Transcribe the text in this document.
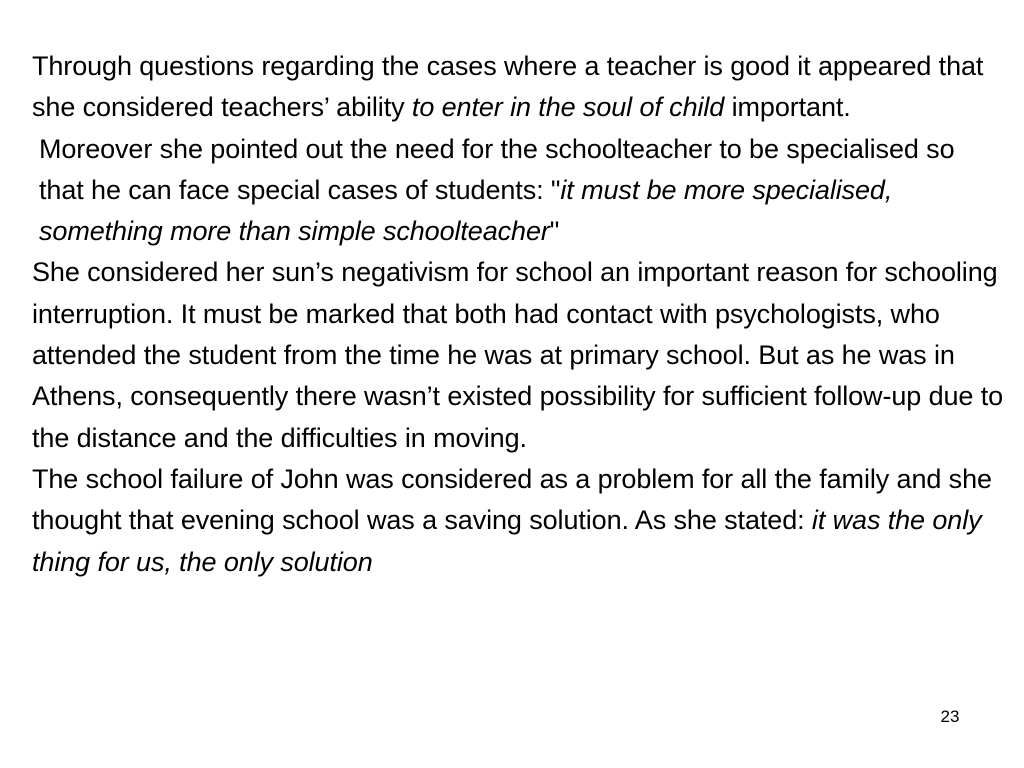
Through questions regarding the cases where a teacher is good it appeared that she considered teachers’ ability to enter in the soul of child important.

Moreover she pointed out the need for the schoolteacher to be specialised so that he can face special cases of students: "it must be more specialised, something more than simple schoolteacher"

She considered her sun’s negativism for school an important reason for schooling interruption. It must be marked that both had contact with psychologists, who attended the student from the time he was at primary school. But as he was in Athens, consequently there wasn’t existed possibility for sufficient follow-up due to the distance and the difficulties in moving.

The school failure of John was considered as a problem for all the family and she thought that evening school was a saving solution. As she stated: it was the only thing for us, the only solution

23
